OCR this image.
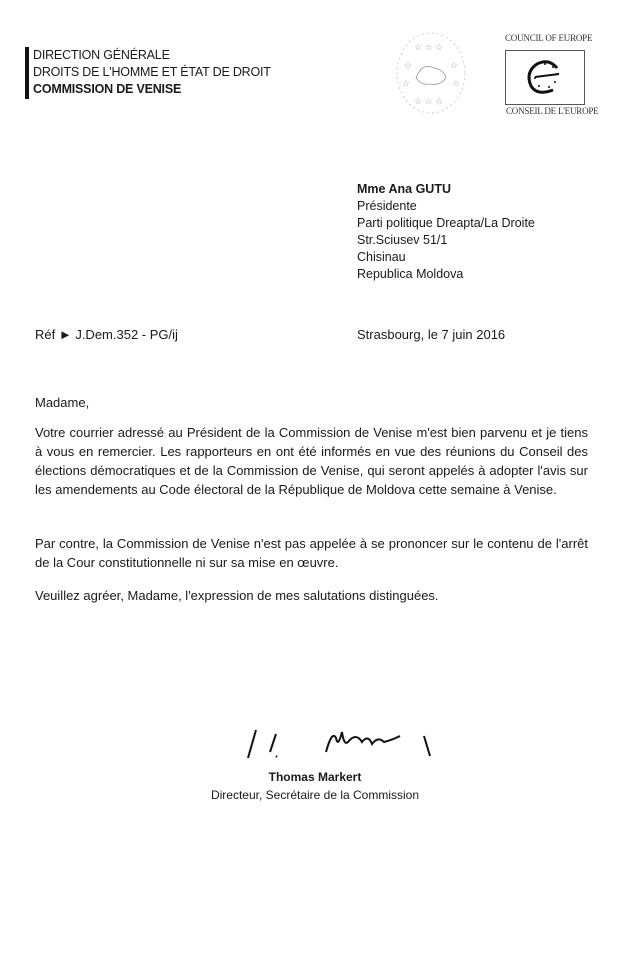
DIRECTION GÉNÉRALE
DROITS DE L'HOMME ET ÉTAT DE DROIT
COMMISSION DE VENISE
☆ ☆ ☆
☆	☆
☆	☆
☆ ☆ ☆
COUNCIL OF EUROPE
CONSEIL DE L'EUROPE
Mme Ana GUTU
Présidente
Parti politique Dreapta/La Droite
Str.Sciusev 51/1
Chisinau
Republica Moldova
Réf ► J.Dem.352 - PG/ij	Strasbourg, le 7 juin 2016
Madame,
Votre courrier adressé au Président de la Commission de Venise m'est bien parvenu et je tiens à vous en remercier. Les rapporteurs en ont été informés en vue des réunions du Conseil des élections démocratiques et de la Commission de Venise, qui seront appelés à adopter l'avis sur les amendements au Code électoral de la République de Moldova cette semaine à Venise.
Par contre, la Commission de Venise n'est pas appelée à se prononcer sur le contenu de l'arrêt de la Cour constitutionnelle ni sur sa mise en œuvre.
Veuillez agréer, Madame, l'expression de mes salutations distinguées.
Thomas Markert
Directeur, Secrétaire de la Commission
